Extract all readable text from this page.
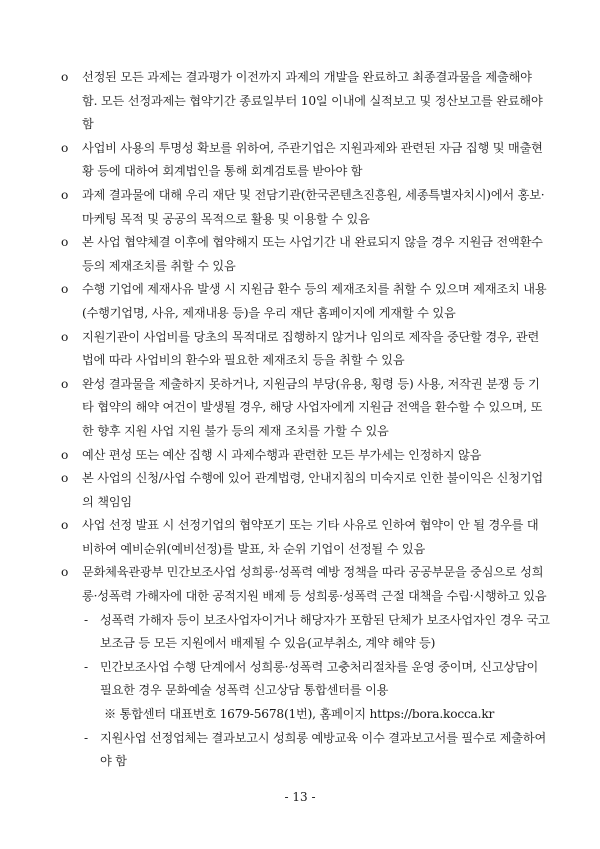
o 선정된 모든 과제는 결과평가 이전까지 과제의 개발을 완료하고 최종결과물을 제출해야 함. 모든 선정과제는 협약기간 종료일부터 10일 이내에 실적보고 및 정산보고를 완료해야 함
o 사업비 사용의 투명성 확보를 위하여, 주관기업은 지원과제와 관련된 자금 집행 및 매출현황 등에 대하여 회계법인을 통해 회계검토를 받아야 함
o 과제 결과물에 대해 우리 재단 및 전담기관(한국콘텐츠진흥원, 세종특별자치시)에서 홍보·마케팅 목적 및 공공의 목적으로 활용 및 이용할 수 있음
o 본 사업 협약체결 이후에 협약해지 또는 사업기간 내 완료되지 않을 경우 지원금 전액환수 등의 제재조치를 취할 수 있음
o 수행 기업에 제재사유 발생 시 지원금 환수 등의 제재조치를 취할 수 있으며 제재조치 내용(수행기업명, 사유, 제재내용 등)을 우리 재단 홈페이지에 게재할 수 있음
o 지원기관이 사업비를 당초의 목적대로 집행하지 않거나 임의로 제작을 중단할 경우, 관련법에 따라 사업비의 환수와 필요한 제재조치 등을 취할 수 있음
o 완성 결과물을 제출하지 못하거나, 지원금의 부당(유용, 횡령 등) 사용, 저작권 분쟁 등 기타 협약의 해약 여건이 발생될 경우, 해당 사업자에게 지원금 전액을 환수할 수 있으며, 또한 향후 지원 사업 지원 불가 등의 제재 조치를 가할 수 있음
o 예산 편성 또는 예산 집행 시 과제수행과 관련한 모든 부가세는 인정하지 않음
o 본 사업의 신청/사업 수행에 있어 관계법령, 안내지침의 미숙지로 인한 불이익은 신청기업의 책임임
o 사업 선정 발표 시 선정기업의 협약포기 또는 기타 사유로 인하여 협약이 안 될 경우를 대비하여 예비순위(예비선정)를 발표, 차 순위 기업이 선정될 수 있음
o 문화체육관광부 민간보조사업 성희롱·성폭력 예방 정책을 따라 공공부문을 중심으로 성희롱·성폭력 가해자에 대한 공적지원 배제 등 성희롱·성폭력 근절 대책을 수립·시행하고 있음
- 성폭력 가해자 등이 보조사업자이거나 해당자가 포함된 단체가 보조사업자인 경우 국고보조금 등 모든 지원에서 배제될 수 있음(교부취소, 계약 해약 등)
- 민간보조사업 수행 단계에서 성희롱·성폭력 고충처리절차를 운영 중이며, 신고상담이 필요한 경우 문화예술 성폭력 신고상담 통합센터를 이용
※ 통합센터 대표번호 1679-5678(1번), 홈페이지 https://bora.kocca.kr
- 지원사업 선정업체는 결과보고시 성희롱 예방교육 이수 결과보고서를 필수로 제출하여야 함
- 13 -
